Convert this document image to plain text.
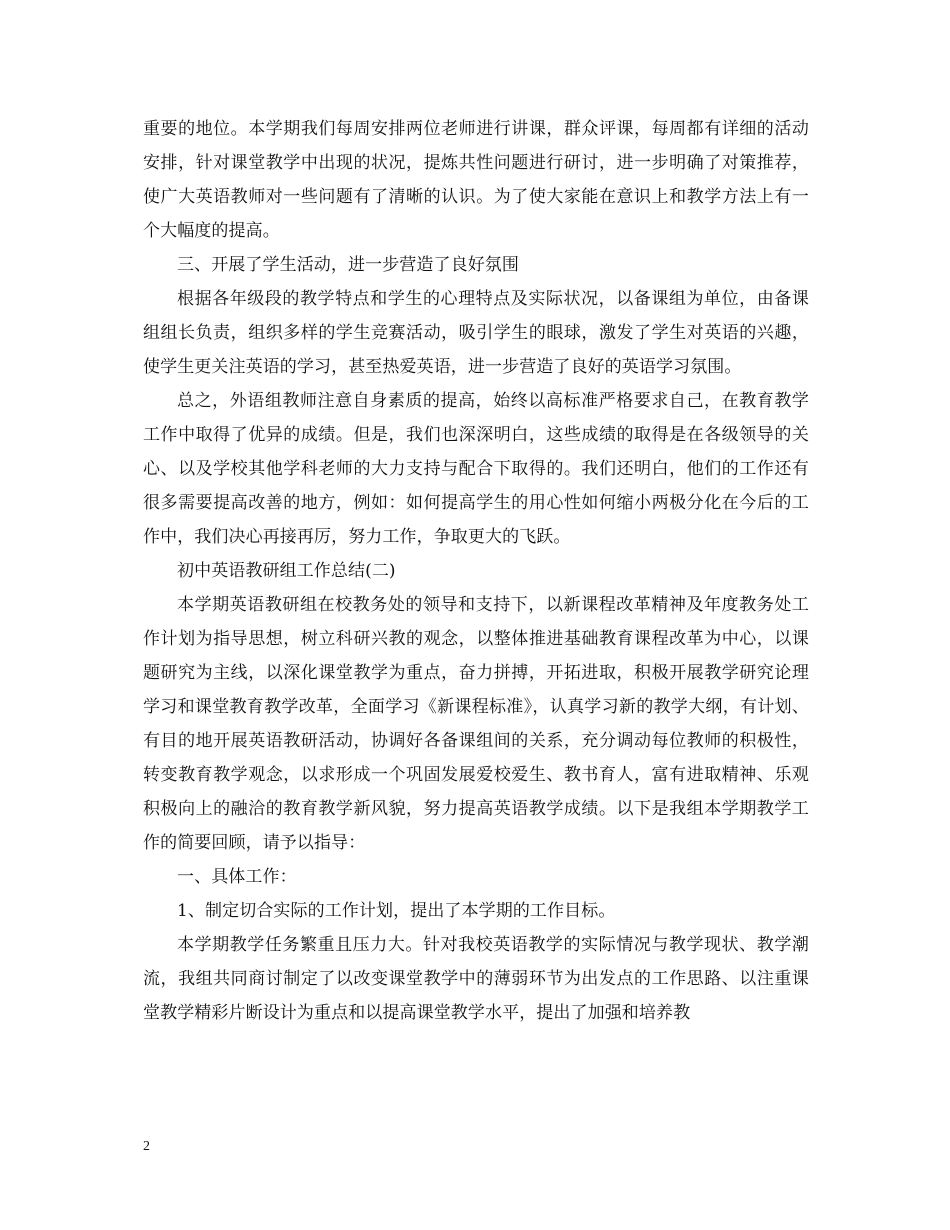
重要的地位。本学期我们每周安排两位老师进行讲课，群众评课，每周都有详细的活动安排，针对课堂教学中出现的状况，提炼共性问题进行研讨，进一步明确了对策推荐，使广大英语教师对一些问题有了清晰的认识。为了使大家能在意识上和教学方法上有一个大幅度的提高。

三、开展了学生活动，进一步营造了良好氛围

根据各年级段的教学特点和学生的心理特点及实际状况，以备课组为单位，由备课组组长负责，组织多样的学生竞赛活动，吸引学生的眼球，激发了学生对英语的兴趣，使学生更关注英语的学习，甚至热爱英语，进一步营造了良好的英语学习氛围。

总之，外语组教师注意自身素质的提高，始终以高标准严格要求自己，在教育教学工作中取得了优异的成绩。但是，我们也深深明白，这些成绩的取得是在各级领导的关心、以及学校其他学科老师的大力支持与配合下取得的。我们还明白，他们的工作还有很多需要提高改善的地方，例如：如何提高学生的用心性如何缩小两极分化在今后的工作中，我们决心再接再厉，努力工作，争取更大的飞跃。

初中英语教研组工作总结(二)

本学期英语教研组在校教务处的领导和支持下，以新课程改革精神及年度教务处工作计划为指导思想，树立科研兴教的观念，以整体推进基础教育课程改革为中心，以课题研究为主线，以深化课堂教学为重点，奋力拼搏，开拓进取，积极开展教学研究论理学习和课堂教育教学改革，全面学习《新课程标准》，认真学习新的教学大纲，有计划、有目的地开展英语教研活动，协调好各备课组间的关系，充分调动每位教师的积极性，转变教育教学观念，以求形成一个巩固发展爱校爱生、教书育人，富有进取精神、乐观积极向上的融洽的教育教学新风貌，努力提高英语教学成绩。以下是我组本学期教学工作的简要回顾，请予以指导：

一、具体工作：

1、制定切合实际的工作计划，提出了本学期的工作目标。

本学期教学任务繁重且压力大。针对我校英语教学的实际情况与教学现状、教学潮流，我组共同商讨制定了以改变课堂教学中的薄弱环节为出发点的工作思路、以注重课堂教学精彩片断设计为重点和以提高课堂教学水平，提出了加强和培养教

2
